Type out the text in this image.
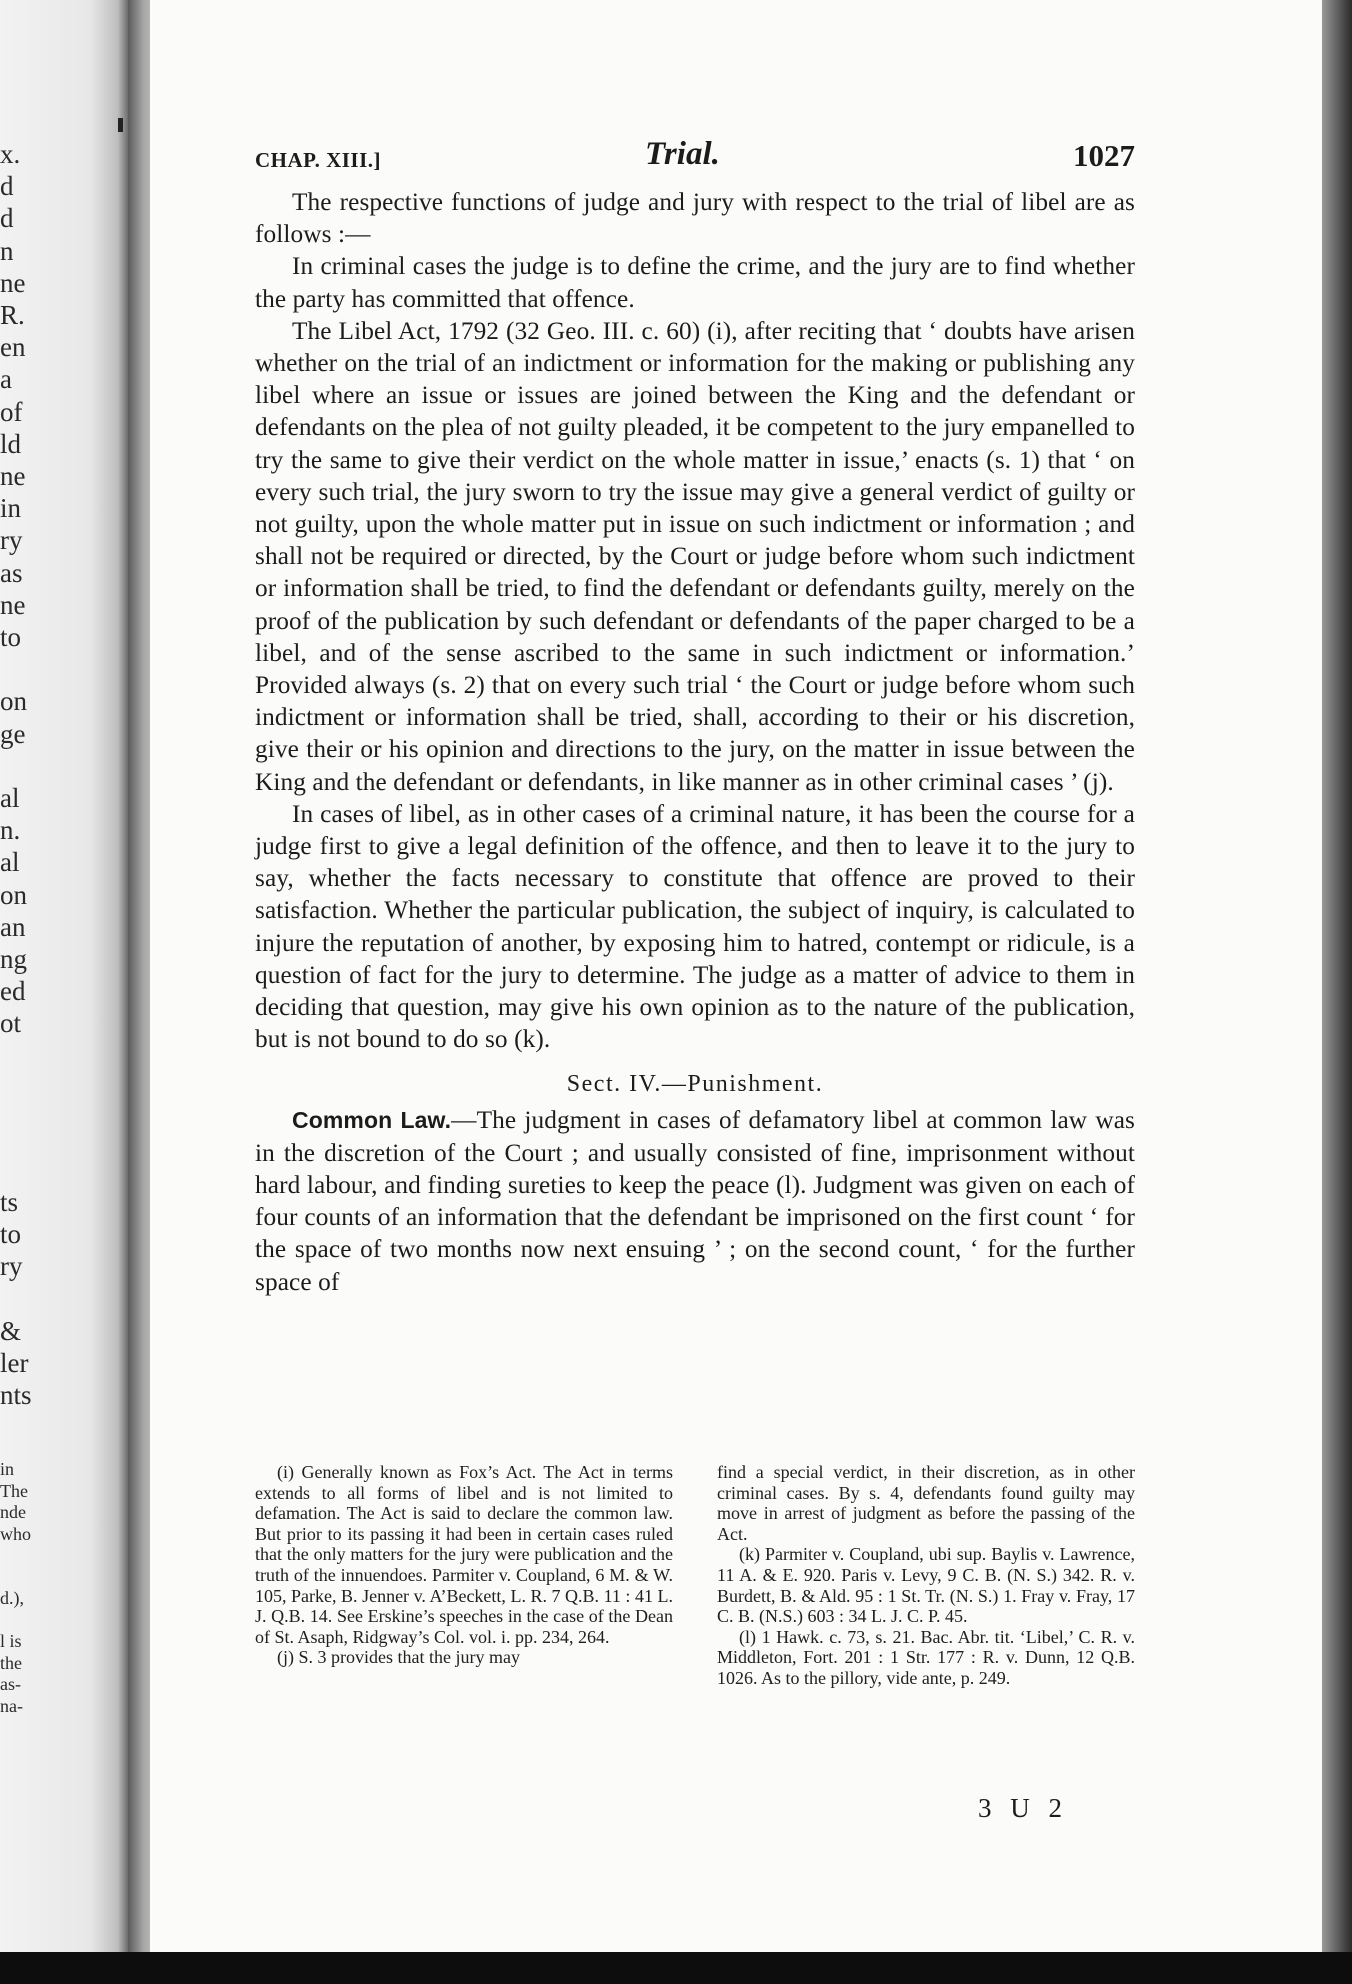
x.
d
d
n
ne
R.
en
a
of
ld
ne
in
ry
as
ne
to
on
ge
al
n.
al
on
an
ng
ed
ot
ts
to
ry
&
ler
nts
in
The
nde
who
d.),
l is
the
as-
na-
CHAP. XIII.]	Trial.	1027

The respective functions of judge and jury with respect to the trial of libel are as follows :—

In criminal cases the judge is to define the crime, and the jury are to find whether the party has committed that offence.

The Libel Act, 1792 (32 Geo. III. c. 60) (i), after reciting that ‘ doubts have arisen whether on the trial of an indictment or information for the making or publishing any libel where an issue or issues are joined between the King and the defendant or defendants on the plea of not guilty pleaded, it be competent to the jury empanelled to try the same to give their verdict on the whole matter in issue,’ enacts (s. 1) that ‘ on every such trial, the jury sworn to try the issue may give a general verdict of guilty or not guilty, upon the whole matter put in issue on such indictment or information ; and shall not be required or directed, by the Court or judge before whom such indictment or information shall be tried, to find the defendant or defendants guilty, merely on the proof of the publication by such defendant or defendants of the paper charged to be a libel, and of the sense ascribed to the same in such indictment or information.’ Provided always (s. 2) that on every such trial ‘ the Court or judge before whom such indictment or information shall be tried, shall, according to their or his discretion, give their or his opinion and directions to the jury, on the matter in issue between the King and the defendant or defendants, in like manner as in other criminal cases ’ (j).

In cases of libel, as in other cases of a criminal nature, it has been the course for a judge first to give a legal definition of the offence, and then to leave it to the jury to say, whether the facts necessary to constitute that offence are proved to their satisfaction. Whether the particular publication, the subject of inquiry, is calculated to injure the reputation of another, by exposing him to hatred, contempt or ridicule, is a question of fact for the jury to determine. The judge as a matter of advice to them in deciding that question, may give his own opinion as to the nature of the publication, but is not bound to do so (k).

Sect. IV.—Punishment.

Common Law.—The judgment in cases of defamatory libel at common law was in the discretion of the Court ; and usually consisted of fine, imprisonment without hard labour, and finding sureties to keep the peace (l). Judgment was given on each of four counts of an information that the defendant be imprisoned on the first count ‘ for the space of two months now next ensuing ’ ; on the second count, ‘ for the further space of

(i) Generally known as Fox’s Act. The Act in terms extends to all forms of libel and is not limited to defamation. The Act is said to declare the common law. But prior to its passing it had been in certain cases ruled that the only matters for the jury were publication and the truth of the innuendoes. Parmiter v. Coupland, 6 M. & W. 105, Parke, B. Jenner v. A’Beckett, L. R. 7 Q.B. 11 : 41 L. J. Q.B. 14. See Erskine’s speeches in the case of the Dean of St. Asaph, Ridgway’s Col. vol. i. pp. 234, 264.

(j) S. 3 provides that the jury may

find a special verdict, in their discretion, as in other criminal cases. By s. 4, defendants found guilty may move in arrest of judgment as before the passing of the Act.

(k) Parmiter v. Coupland, ubi sup. Baylis v. Lawrence, 11 A. & E. 920. Paris v. Levy, 9 C. B. (N. S.) 342. R. v. Burdett, B. & Ald. 95 : 1 St. Tr. (N. S.) 1. Fray v. Fray, 17 C. B. (N.S.) 603 : 34 L. J. C. P. 45.

(l) 1 Hawk. c. 73, s. 21. Bac. Abr. tit. ‘Libel,’ C. R. v. Middleton, Fort. 201 : 1 Str. 177 : R. v. Dunn, 12 Q.B. 1026. As to the pillory, vide ante, p. 249.

3 U 2
